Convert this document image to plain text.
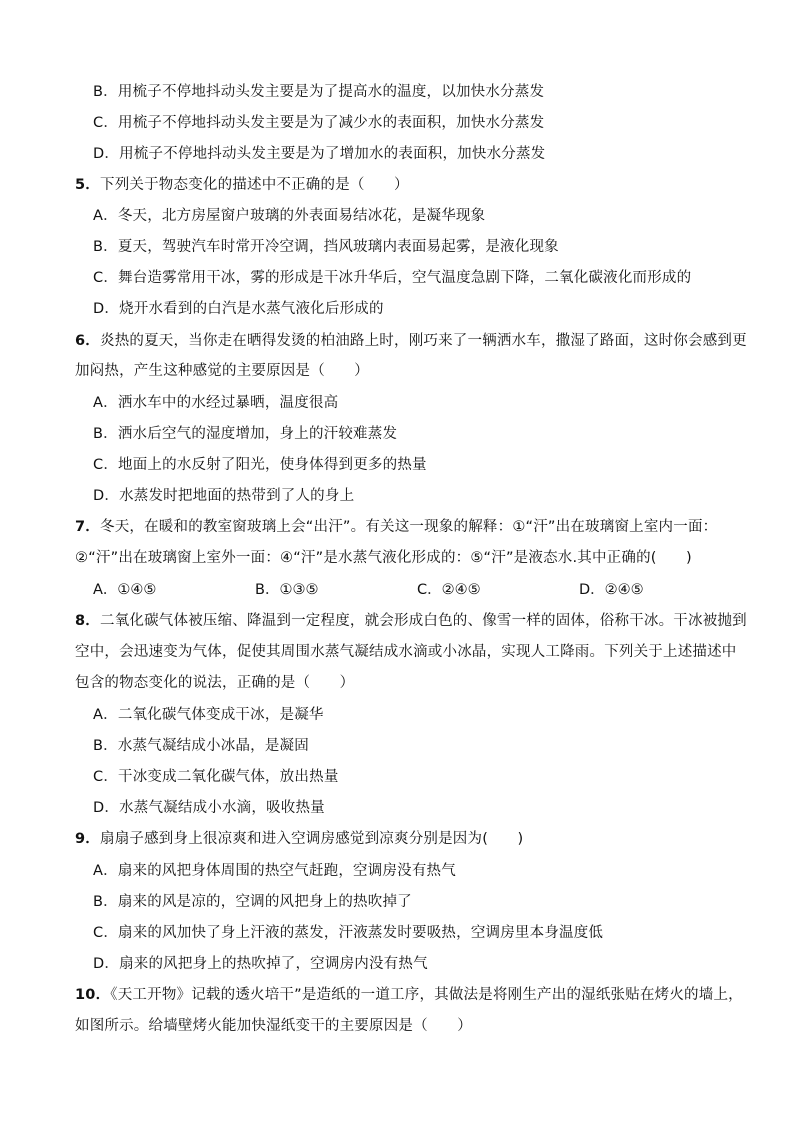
B．用梳子不停地抖动头发主要是为了提高水的温度，以加快水分蒸发
C．用梳子不停地抖动头发主要是为了减少水的表面积，加快水分蒸发
D．用梳子不停地抖动头发主要是为了增加水的表面积，加快水分蒸发
5．下列关于物态变化的描述中不正确的是（　　）
A．冬天，北方房屋窗户玻璃的外表面易结冰花，是凝华现象
B．夏天，驾驶汽车时常开冷空调，挡风玻璃内表面易起雾，是液化现象
C．舞台造雾常用干冰，雾的形成是干冰升华后，空气温度急剧下降，二氧化碳液化而形成的
D．烧开水看到的白汽是水蒸气液化后形成的
6．炎热的夏天，当你走在晒得发烫的柏油路上时，刚巧来了一辆洒水车，撒湿了路面，这时你会感到更
加闷热，产生这种感觉的主要原因是（　　）
A．洒水车中的水经过暴晒，温度很高
B．洒水后空气的湿度增加，身上的汗较难蒸发
C．地面上的水反射了阳光，使身体得到更多的热量
D．水蒸发时把地面的热带到了人的身上
7．冬天，在暖和的教室窗玻璃上会“出汗”。有关这一现象的解释：①“汗”出在玻璃窗上室内一面：
②“汗”出在玻璃窗上室外一面：④“汗”是水蒸气液化形成的：⑤“汗”是液态水.其中正确的(　　)
A．①④⑤	B．①③⑤	C．②④⑤	D．②④⑤
8．二氧化碳气体被压缩、降温到一定程度，就会形成白色的、像雪一样的固体，俗称干冰。干冰被抛到
空中，会迅速变为气体，促使其周围水蒸气凝结成水滴或小冰晶，实现人工降雨。下列关于上述描述中
包含的物态变化的说法，正确的是（　　）
A．二氧化碳气体变成干冰，是凝华
B．水蒸气凝结成小冰晶，是凝固
C．干冰变成二氧化碳气体，放出热量
D．水蒸气凝结成小水滴，吸收热量
9．扇扇子感到身上很凉爽和进入空调房感觉到凉爽分别是因为(　　)
A．扇来的风把身体周围的热空气赶跑，空调房没有热气
B．扇来的风是凉的，空调的风把身上的热吹掉了
C．扇来的风加快了身上汗液的蒸发，汗液蒸发时要吸热，空调房里本身温度低
D．扇来的风把身上的热吹掉了，空调房内没有热气
10．《天工开物》记载的透火培干”是造纸的一道工序，其做法是将刚生产出的湿纸张贴在烤火的墙上，
如图所示。给墙壁烤火能加快湿纸变干的主要原因是（　　）
